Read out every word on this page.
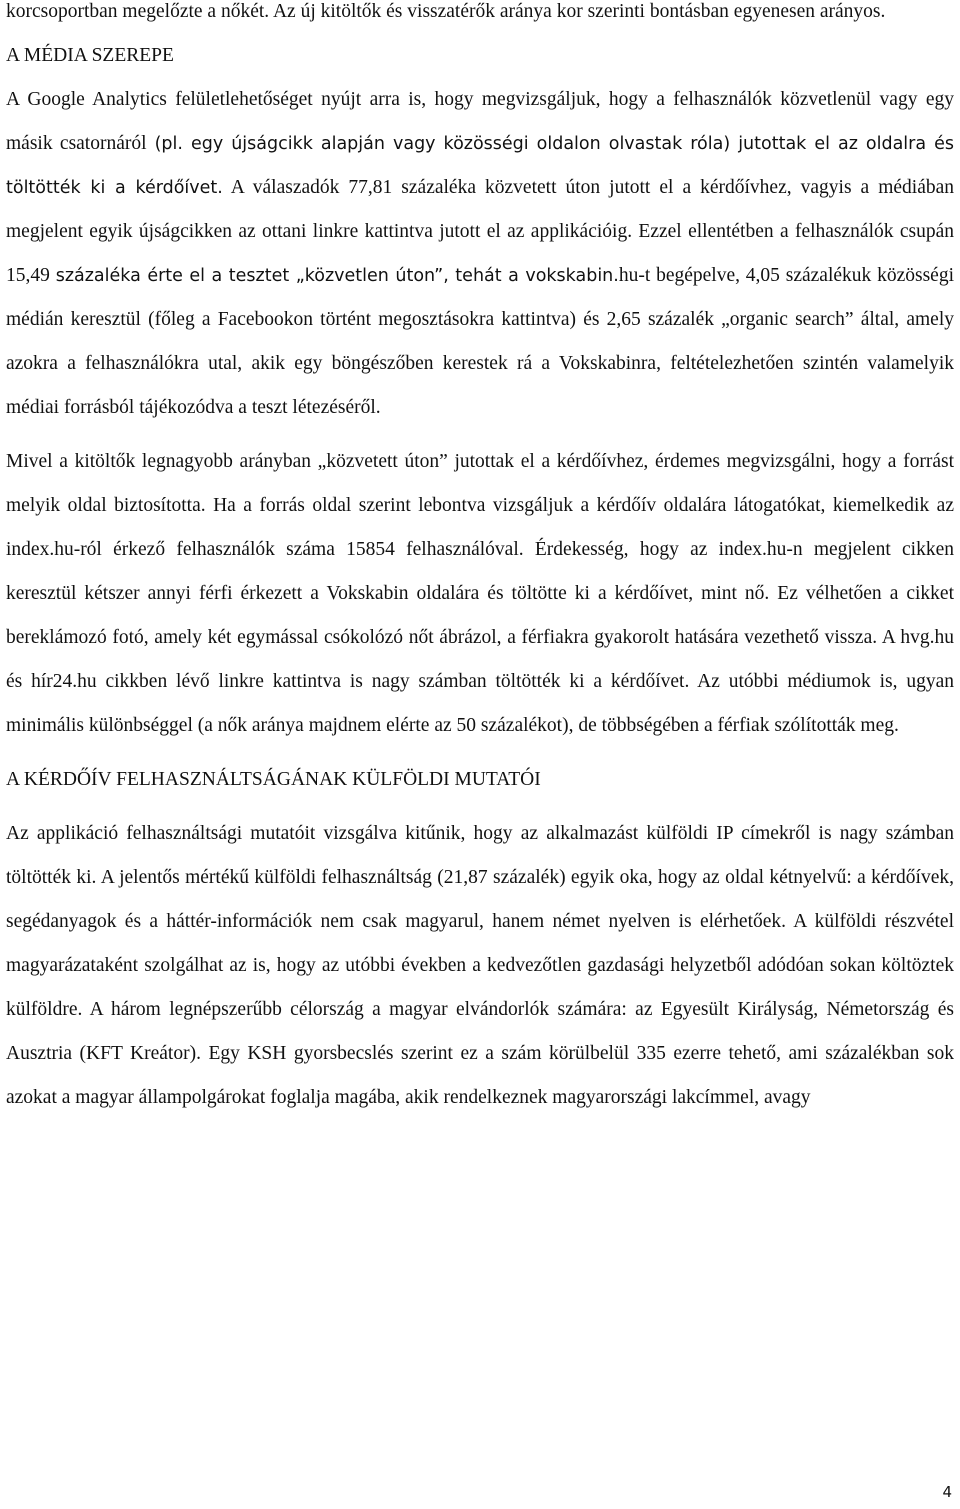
korcsoportban megelőzte a nőkét. Az új kitöltők és visszatérők aránya kor szerinti bontásban egyenesen arányos.

A MÉDIA SZEREPE

A Google Analytics felületlehetőséget nyújt arra is, hogy megvizsgáljuk, hogy a felhasználók közvetlenül vagy egy másik csatornáról (pl. egy újságcikk alapján vagy közösségi oldalon olvastak róla) jutottak el az oldalra és töltötték ki a kérdőívet. A válaszadók 77,81 százaléka közvetett úton jutott el a kérdőívhez, vagyis a médiában megjelent egyik újságcikken az ottani linkre kattintva jutott el az applikációig. Ezzel ellentétben a felhasználók csupán 15,49 százaléka érte el a tesztet „közvetlen úton”, tehát a vokskabin.hu-t begépelve, 4,05 százalékuk közösségi médián keresztül (főleg a Facebookon történt megosztásokra kattintva) és 2,65 százalék „organic search” által, amely azokra a felhasználókra utal, akik egy böngészőben kerestek rá a Vokskabinra, feltételezhetően szintén valamelyik médiai forrásból tájékozódva a teszt létezéséről.

Mivel a kitöltők legnagyobb arányban „közvetett úton” jutottak el a kérdőívhez, érdemes megvizsgálni, hogy a forrást melyik oldal biztosította. Ha a forrás oldal szerint lebontva vizsgáljuk a kérdőív oldalára látogatókat, kiemelkedik az index.hu-ról érkező felhasználók száma 15854 felhasználóval. Érdekesség, hogy az index.hu-n megjelent cikken keresztül kétszer annyi férfi érkezett a Vokskabin oldalára és töltötte ki a kérdőívet, mint nő. Ez vélhetően a cikket bereklámozó fotó, amely két egymással csókolózó nőt ábrázol, a férfiakra gyakorolt hatására vezethető vissza. A hvg.hu és hír24.hu cikkben lévő linkre kattintva is nagy számban töltötték ki a kérdőívet. Az utóbbi médiumok is, ugyan minimális különbséggel (a nők aránya majdnem elérte az 50 százalékot), de többségében a férfiak szólították meg.

A KÉRDŐÍV FELHASZNÁLTSÁGÁNAK KÜLFÖLDI MUTATÓI

Az applikáció felhasználtsági mutatóit vizsgálva kitűnik, hogy az alkalmazást külföldi IP címekről is nagy számban töltötték ki. A jelentős mértékű külföldi felhasználtság (21,87 százalék) egyik oka, hogy az oldal kétnyelvű: a kérdőívek, segédanyagok és a háttér-információk nem csak magyarul, hanem német nyelven is elérhetőek. A külföldi részvétel magyarázataként szolgálhat az is, hogy az utóbbi években a kedvezőtlen gazdasági helyzetből adódóan sokan költöztek külföldre. A három legnépszerűbb célország a magyar elvándorlók számára: az Egyesült Királyság, Németország és Ausztria (KFT Kreátor). Egy KSH gyorsbecslés szerint ez a szám körülbelül 335 ezerre tehető, ami százalékban sok azokat a magyar állampolgárokat foglalja magába, akik rendelkeznek magyarországi lakcímmel, avagy

4
